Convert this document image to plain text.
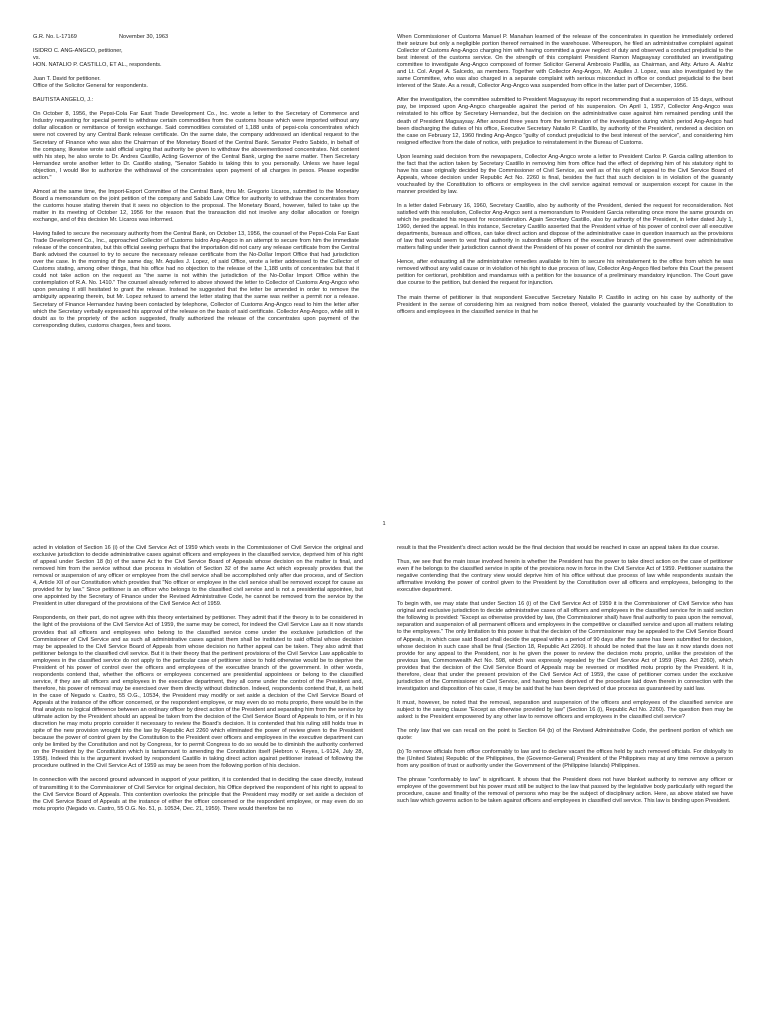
G.R. No. L-17169	November 30, 1963

ISIDRO C. ANG-ANGCO, petitioner,

vs.

HON. NATALIO P. CASTILLO, ET AL., respondents.

Juan T. David for petitioner.

Office of the Solicitor General for respondents.

BAUTISTA ANGELO, J.:

On October 8, 1956, the Pepsi-Cola Far East Trade Development Co., Inc. wrote a letter to the Secretary of Commerce and Industry requesting for special permit to withdraw certain commodities from the customs house which were imported without any dollar allocation or remittance of foreign exchange. Said commodities consisted of 1,188 units of pepsi-cola concentrates which were not covered by any Central Bank release certificate. On the same date, the company addressed an identical request to the Secretary of Finance who was also the Chairman of the Monetary Board of the Central Bank. Senator Pedro Sabido, in behalf of the company, likewise wrote said official urging that authority be given to withdraw the abovementioned concentrates. Not content with his step, he also wrote to Dr. Andres Castillo, Acting Governor of the Central Bank, urging the same matter. Then Secretary Hernandez wrote another letter to Dr. Castillo stating, "Senator Sabido is taking this to you personally. Unless we have legal objection, I would like to authorize the withdrawal of the concentrates upon payment of all charges in pesos. Please expedite action."

Almost at the same time, the Import-Export Committee of the Central Bank, thru Mr. Gregorio Licaros, submitted to the Monetary Board a memorandum on the joint petition of the company and Sabido Law Office for authority to withdraw the concentrates from the customs house stating therein that it sees no objection to the proposal. The Monetary Board, however, failed to take up the matter in its meeting of October 12, 1956 for the reason that the transaction did not involve any dollar allocation or foreign exchange, and of this decision Mr. Licaros was informed.

Having failed to secure the necessary authority from the Central Bank, on October 13, 1956, the counsel of the Pepsi-Cola Far East Trade Development Co., Inc., approached Collector of Customs Isidro Ang-Angco in an attempt to secure from him the immediate release of the concentrates, but this official seeing perhaps that the importation did not carry any release certificate from the Central Bank advised the counsel to try to secure the necessary release certificate from the No-Dollar Import Office that had jurisdiction over the case. In the morning of the same day, Mr. Aquiles J. Lopez, of said Office, wrote a letter addressed to the Collector of Customs stating, among other things, that his office had no objection to the release of the 1,188 units of concentrates but that it could not take action on the request as "the same is not within the jurisdiction of the No-Dollar Import Office within the contemplation of R.A. No. 1410." The counsel already referred to above showed the letter to Collector of Customs Ang-Angco who upon perusing it still hesitated to grant the release. Instead he suggested that the letter be amended in order to remove the ambiguity appearing therein, but Mr. Lopez refused to amend the letter stating that the same was neither a permit nor a release. Secretary of Finance Hernandez having been contacted by telephone, Collector of Customs Ang-Angco read to him the letter after which the Secretary verbally expressed his approval of the release on the basis of said certificate. Collector Ang-Angco, while still in doubt as to the propriety of the action suggested, finally authorized the release of the concentrates upon payment of the corresponding duties, customs charges, fees and taxes.

When Commissioner of Customs Manuel P. Manahan learned of the release of the concentrates in question he immediately ordered their seizure but only a negligible portion thereof remained in the warehouse. Whereupon, he filed an administrative complaint against Collector of Customs Ang-Angco charging him with having committed a grave neglect of duty and observed a conduct prejudicial to the best interest of the customs service. On the strength of this complaint President Ramon Magsaysay constituted an investigating committee to investigate Ang-Angco composed of former Solicitor General Ambrosio Padilla, as Chairman, and Atty. Arturo A. Alafriz and Lt. Col. Angel A. Salcedo, as members. Together with Collector Ang-Angco, Mr. Aquiles J. Lopez, was also investigated by the same Committee, who was also charged in a separate complaint with serious misconduct in office or conduct prejudicial to the best interest of the State. As a result, Collector Ang-Angco was suspended from office in the latter part of December, 1956.

After the investigation, the committee submitted to President Magsaysay its report recommending that a suspension of 15 days, without pay, be imposed upon Ang-Angco chargeable against the period of his suspension. On April 1, 1957, Collector Ang-Angco was reinstated to his office by Secretary Hernandez, but the decision on the administrative case against him remained pending until the death of President Magsaysay. After around three years from the termination of the investigation during which period Ang-Angco had been discharging the duties of his office, Executive Secretary Natalio P. Castillo, by authority of the President, rendered a decision on the case on February 12, 1960 finding Ang-Angco "guilty of conduct prejudicial to the best interest of the service", and considering him resigned effective from the date of notice, with prejudice to reinstatement in the Bureau of Customs.

Upon learning said decision from the newspapers, Collector Ang-Angco wrote a letter to President Carlos P. Garcia calling attention to the fact that the action taken by Secretary Castillo in removing him from office had the effect of depriving him of his statutory right to have his case originally decided by the Commissioner of Civil Service, as well as of his right of appeal to the Civil Service Board of Appeals, whose decision under Republic Act No. 2260 is final, besides the fact that such decision is in violation of the guaranty vouchsafed by the Constitution to officers or employees in the civil service against removal or suspension except for cause in the manner provided by law.

In a letter dated February 16, 1960, Secretary Castillo, also by authority of the President, denied the request for reconsideration. Not satisfied with this resolution, Collector Ang-Angco sent a memorandum to President Garcia reiterating once more the same grounds on which he predicated his request for reconsideration. Again Secretary Castillo, also by authority of the President, in letter dated July 1, 1960, denied the appeal. In this instance, Secretary Castillo asserted that the President virtue of his power of control over all executive departments, bureaus and offices, can take direct action and dispose of the administrative case in question inasmuch as the provisions of law that would seem to vest final authority in subordinate officers of the executive branch of the government over administrative matters falling under their jurisdiction cannot divest the President of his power of control nor diminish the same.

Hence, after exhausting all the administrative remedies available to him to secure his reinstatement to the office from which he was removed without any valid cause or in violation of his right to due process of law, Collector Ang-Angco filed before this Court the present petition for certiorari, prohibition and mandamus with a petition for the issuance of a preliminary mandatory injunction. The Court gave due course to the petition, but denied the request for injunction.

The main theme of petitioner is that respondent Executive Secretary Natalio P. Castillo in acting on his case by authority of the President in the sense of considering him as resigned from notice thereof, violated the guaranty vouchsafed by the Constitution to officers and employees in the classified service in that he

1

acted in violation of Section 16 (i) of the Civil Service Act of 1959 which vests in the Commissioner of Civil Service the original and exclusive jurisdiction to decide administrative cases against officers and employees in the classified service, deprived him of his right of appeal under Section 18 (b) of the same Act to the Civil Service Board of Appeals whose decision on the matter is final, and removed him from the service without due process in violation of Section 32 of the same Act which expressly provides that the removal or suspension of any officer or employee from the civil service shall be accomplished only after due process, and of Section 4, Article XII of our Constitution which provides that "No officer or employee in the civil service shall be removed except for cause as provided for by law." Since petitioner is an officer who belongs to the classified civil service and is not a presidential appointee, but one appointed by the Secretary of Finance under the Revised Administrative Code, he cannot be removed from the service by the President in utter disregard of the provisions of the Civil Service Act of 1959.

Respondents, on their part, do not agree with this theory entertained by petitioner. They admit that if the theory is to be considered in the light of the provisions of the Civil Service Act of 1959, the same may be correct, for indeed the Civil Service Law as it now stands provides that all officers and employees who belong to the classified service come under the exclusive jurisdiction of the Commissioner of Civil Service and as such all administrative cases against them shall be instituted to said official whose decision may be appealed to the Civil Service Board of Appeals from whose decision no further appeal can be taken. They also admit that petitioner belongs to the classified civil service. But it is their theory that the pertinent provisions of the Civil Service Law applicable to employees in the classified service do not apply to the particular case of petitioner since to hold otherwise would be to deprive the President of his power of control over the officers and employees of the executive branch of the government. In other words, respondents contend that, whether the officers or employees concerned are presidential appointees or belong to the classified service, if they are all officers and employees in the executive department, they all come under the control of the President and, therefore, his power of removal may be exercised over them directly without distinction. Indeed, respondents contend that, it, as held in the case of Negado v. Castro, 55 O.G., 10534, the President may modify or set aside a decision of the Civil Service Board of Appeals at the instance of the officer concerned, or the respondent employee, or may even do so motu proprio, there would be in the final analysis no logical difference between an ordinary officer by direct action of the President and separating him from the service by ultimate action by the President should an appeal be taken from the decision of the Civil Service Board of Appeals to him, or if in his discretion he may motu proprio consider it necessary to review the Board's decision. It is contended that his ruling still holds true in spite of the new provision wrought into the law by Republic Act 2260 which eliminated the power of review given to the President because the power of control given by the Constitution to the President over officers and employees in the executive department can only be limited by the Constitution and not by Congress, for to permit Congress to do so would be to diminish the authority conferred on the President by the Constitution which is tantamount to amending the Constitution itself (Hebron v. Reyes, L-9124, July 28, 1958). Indeed this is the argument invoked by respondent Castillo in taking direct action against petitioner instead of following the procedure outlined in the Civil Service Act of 1959 as may be seen from the following portion of his decision.

In connection with the second ground advanced in support of your petition, it is contended that in deciding the case directly, instead of transmitting it to the Commissioner of Civil Service for original decision, his Office deprived the respondent of his right to appeal to the Civil Service Board of Appeals. This contention overlooks the principle that the President may modify or set aside a decision of the Civil Service Board of Appeals at the instance of either the officer concerned or the respondent employee, or may even do so motu proprio (Negado vs. Castro, 55 O.G. No. 51, p. 10534, Dec. 21, 1959). There would therefore be no

result is that the President's direct action would be the final decision that would be reached in case an appeal takes its due course.

Thus, we see that the main issue involved herein is whether the President has the power to take direct action on the case of petitioner even if he belongs to the classified service in spite of the provisions now in force in the Civil Service Act of 1959. Petitioner sustains the negative contending that the contrary view would deprive him of his office without due process of law while respondents sustain the affirmative invoking the power of control given to the President by the Constitution over all officers and employees, belonging to the executive department.

To begin with, we may state that under Section 16 (i) of the Civil Service Act of 1959 it is the Commissioner of Civil Service who has original and exclusive jurisdiction to decide administrative cases of all officers and employees in the classified service for in said section the following is provided: "Except as otherwise provided by law, (the Commissioner shall) have final authority to pass upon the removal, separation and suspension of all permanent officers and employees in the competitive or classified service and upon all matters relating to the employees." The only limitation to this power is that the decision of the Commissioner may be appealed to the Civil Service Board of Appeals, in which case said Board shall decide the appeal within a period of 90 days after the same has been submitted for decision, whose decision in such case shall be final (Section 18, Republic Act 2260). It should be noted that the law as it now stands does not provide for any appeal to the President, nor is he given the power to review the decision motu proprio, unlike the provision of the previous law, Commonwealth Act No. 598, which was expressly repealed by the Civil Service Act of 1959 (Rep. Act 2260), which provides that the decision of the Civil Service Board of Appeals may be reversed or modified motu proprio by the President. It is, therefore, clear that under the present provision of the Civil Service Act of 1959, the case of petitioner comes under the exclusive jurisdiction of the Commissioner of Civil Service, and having been deprived of the procedure laid down therein in connection with the investigation and disposition of his case, it may be said that he has been deprived of due process as guaranteed by said law.

It must, however, be noted that the removal, separation and suspension of the officers and employees of the classified service are subject to the saving clause "Except as otherwise provided by law" (Section 16 (i), Republic Act No. 2260). The question then may be asked: is the President empowered by any other law to remove officers and employees in the classified civil service?

The only law that we can recall on the point is Section 64 (b) of the Revised Administrative Code, the pertinent portion of which we quote:

(b) To remove officials from office conformably to law and to declare vacant the offices held by such removed officials. For disloyalty to the (United States) Republic of the Philippines, the (Governor-General) President of the Philippines may at any time remove a person from any position of trust or authority under the Government of the (Philippine Islands) Philippines.

The phrase "conformably to law" is significant. It shows that the President does not have blanket authority to remove any officer or employee of the government but his power must still be subject to the law that passed by the legislative body particularly with regard the procedure, cause and finality of the removal of persons who may be the subject of disciplinary action. Here, as above stated we have such law which governs action to be taken against officers and employees in classified civil service. This law is binding upon President.
